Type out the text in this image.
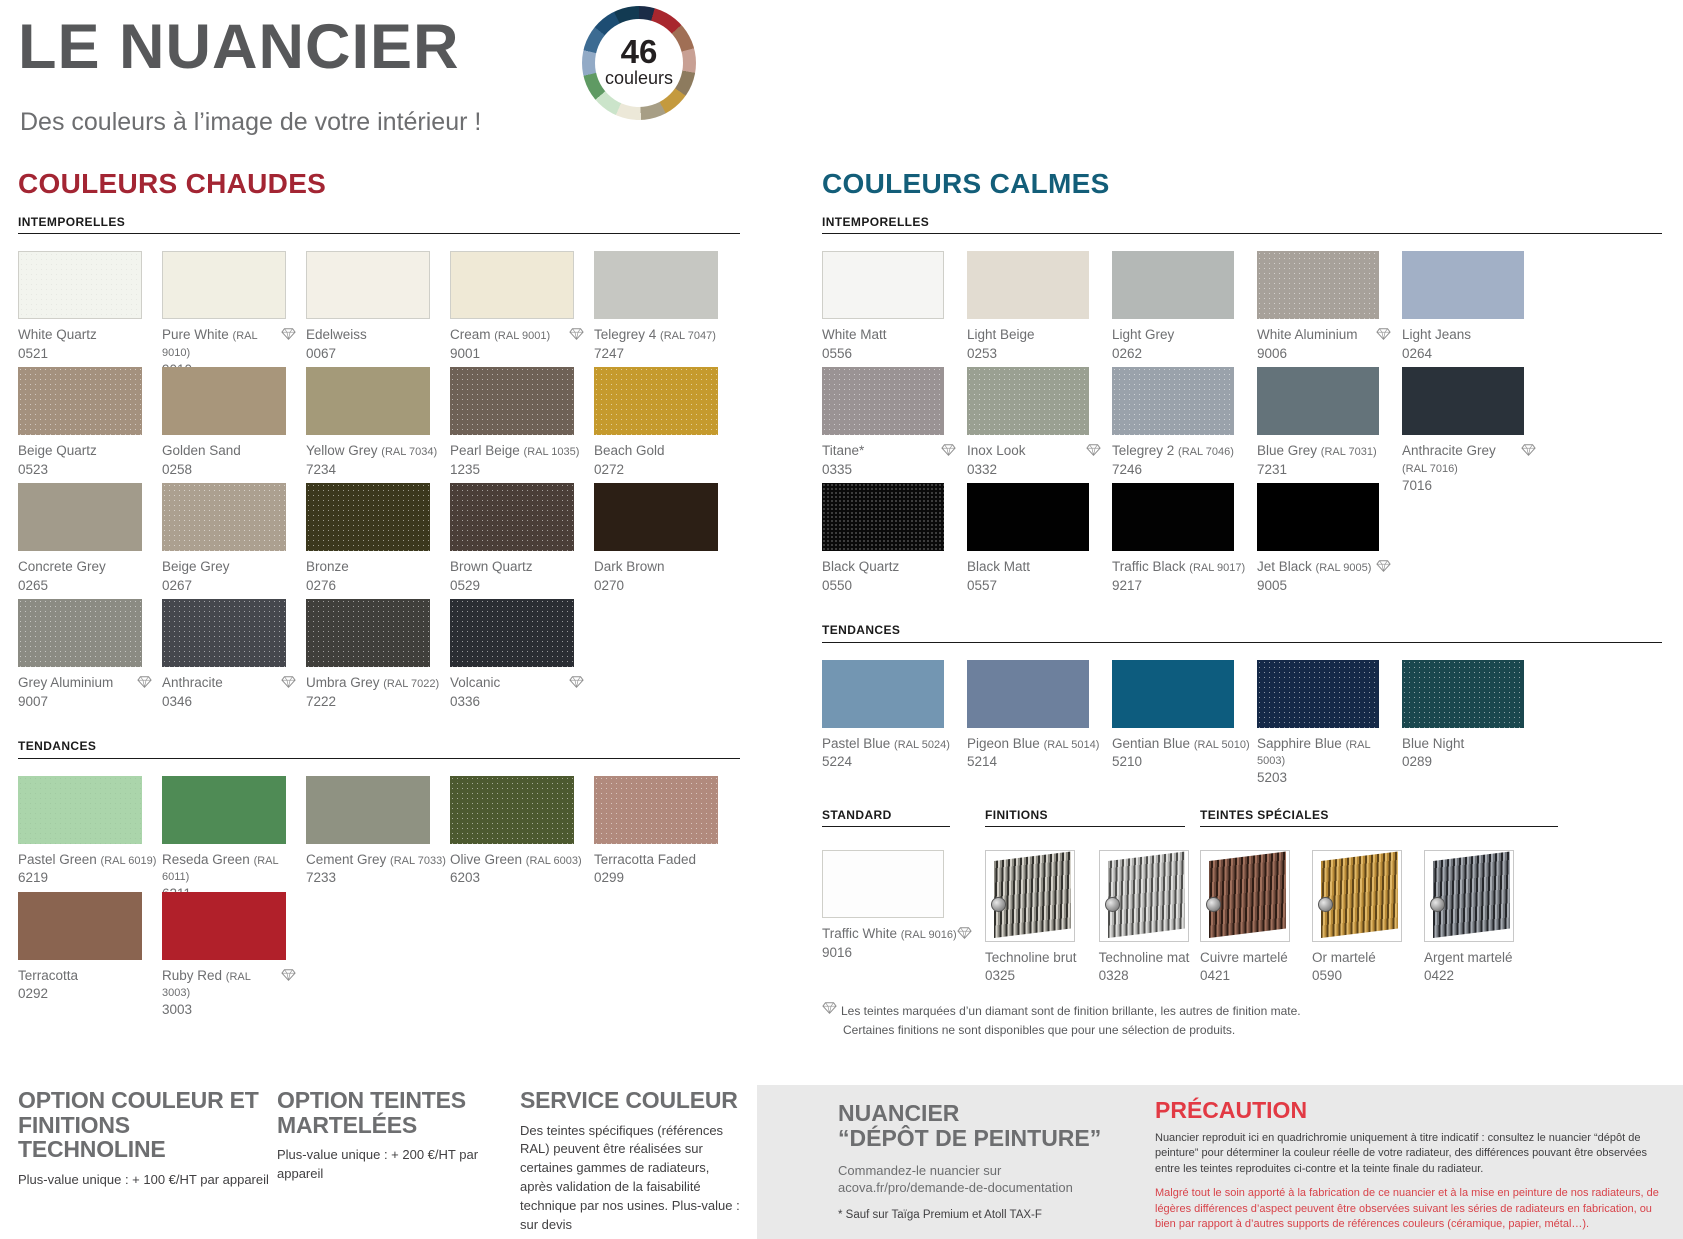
LE NUANCIER
Des couleurs à l’image de votre intérieur !
46
couleurs
COULEURS CHAUDES
INTEMPORELLES
White Quartz
0521
Pure White (RAL 9010)
Edelweiss
0067
Cream (RAL 9001)
9001
Telegrey 4 (RAL 7047)
7247
Beige Quartz
0523
Golden Sand
0258
Yellow Grey (RAL 7034)
7234
Pearl Beige (RAL 1035)
1235
Beach Gold
0272
Concrete Grey
0265
Beige Grey
0267
Bronze
0276
Brown Quartz
0529
Dark Brown
0270
Grey Aluminium
9007
Anthracite
0346
Umbra Grey (RAL 7022)
7222
Volcanic
0336
TENDANCES
Pastel Green (RAL 6019)
6219
Reseda Green (RAL 6011)
Cement Grey (RAL 7033)
7233
Olive Green (RAL 6003)
6203
Terracotta Faded
0299
Terracotta
0292
Ruby Red (RAL 3003)
3003
COULEURS CALMES
INTEMPORELLES
White Matt
0556
Light Beige
0253
Light Grey
0262
White Aluminium
9006
Light Jeans
0264
Titane*
0335
Inox Look
0332
Telegrey 2 (RAL 7046)
7246
Blue Grey (RAL 7031)
7231
Anthracite Grey (RAL 7016)
7016
Black Quartz
0550
Black Matt
0557
Traffic Black (RAL 9017)
9217
Jet Black (RAL 9005)
9005
TENDANCES
Pastel Blue (RAL 5024)
5224
Pigeon Blue (RAL 5014)
5214
Gentian Blue (RAL 5010)
5210
Sapphire Blue (RAL 5003)
5203
Blue Night
0289
STANDARD
Traffic White (RAL 9016)
9016
FINITIONS
Technoline brut
0325
Technoline mat
0328
TEINTES SPÉCIALES
Cuivre martelé
0421
Or martelé
0590
Argent martelé
0422
Les teintes marquées d’un diamant sont de finition brillante, les autres de finition mate.
Certaines finitions ne sont disponibles que pour une sélection de produits.
OPTION COULEUR ET FINITIONS TECHNOLINE

Plus-value unique : + 100 €/HT par appareil

OPTION TEINTES MARTELÉES

Plus-value unique : + 200 €/HT par appareil

SERVICE COULEUR

Des teintes spécifiques (références RAL) peuvent être réalisées sur certaines gammes de radiateurs, après validation de la faisabilité technique par nos usines. Plus-value : sur devis

NUANCIER
“DÉPÔT DE PEINTURE”

Commandez-le nuancier sur acova.fr/pro/demande-de-documentation

* Sauf sur Taïga Premium et Atoll TAX-F
PRÉCAUTION

Nuancier reproduit ici en quadrichromie uniquement à titre indicatif : consultez le nuancier “dépôt de peinture” pour déterminer la couleur réelle de votre radiateur, des différences pouvant être observées entre les teintes reproduites ci-contre et la teinte finale du radiateur.

Malgré tout le soin apporté à la fabrication de ce nuancier et à la mise en peinture de nos radiateurs, de légères différences d’aspect peuvent être observées suivant les séries de radiateurs en fabrication, ou bien par rapport à d’autres supports de références couleurs (céramique, papier, métal…).
